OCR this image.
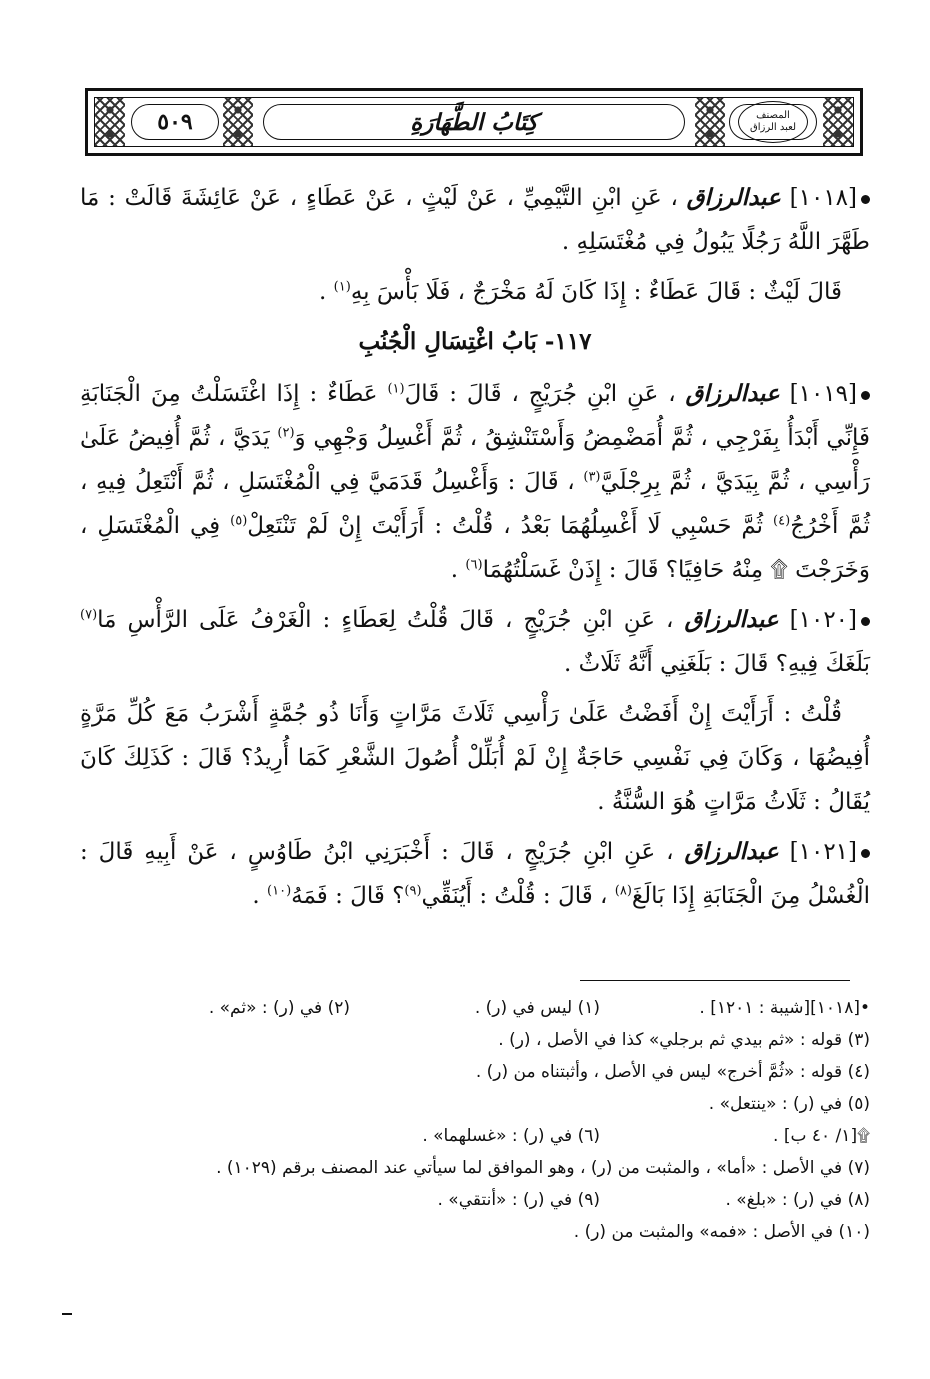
٥٠٩	كِتَابُ الطَّهَارَةِ	المصنف
لعبد الرزاق

[١٠١٨] عبدالرزاق ، عَنِ ابْنِ التَّيْمِيِّ ، عَنْ لَيْثٍ ، عَنْ عَطَاءٍ ، عَنْ عَائِشَةَ قَالَتْ : مَا طَهَّرَ اللَّهُ رَجُلًا يَبُولُ فِي مُغْتَسَلِهِ .

قَالَ لَيْثٌ : قَالَ عَطَاءٌ : إِذَا كَانَ لَهُ مَخْرَجٌ ، فَلَا بَأْسَ بِهِ$^{(١)}$ .

١١٧- بَابُ اغْتِسَالِ الْجُنُبِ

[١٠١٩] عبدالرزاق ، عَنِ ابْنِ جُرَيْجٍ ، قَالَ : قَالَ$^{(١)}$ عَطَاءٌ : إِذَا اغْتَسَلْتُ مِنَ الْجَنَابَةِ فَإِنِّي أَبْدَأُ بِفَرْجِي ، ثُمَّ أُمَضْمِضُ وَأَسْتَنْشِقُ ، ثُمَّ أَغْسِلُ وَجْهِي وَ$^{(٢)}$ يَدَيَّ ، ثُمَّ أُفِيضُ عَلَىٰ رَأْسِي ، ثُمَّ بِيَدَيَّ ، ثُمَّ بِرِجْلَيَّ$^{(٣)}$ ، قَالَ : وَأَغْسِلُ قَدَمَيَّ فِي الْمُغْتَسَلِ ، ثُمَّ أَنْتَعِلُ فِيهِ ، ثُمَّ أَخْرُجُ$^{(٤)}$ ثُمَّ حَسْبِي لَا أَغْسِلُهُمَا بَعْدُ ، قُلْتُ : أَرَأَيْتَ إِنْ لَمْ تَنْتَعِلْ$^{(٥)}$ فِي الْمُغْتَسَلِ ، وَخَرَجْتَ ۩ مِنْهُ حَافِيًا؟ قَالَ : إِذَنْ غَسَلْتُهُمَا$^{(٦)}$ .

[١٠٢٠] عبدالرزاق ، عَنِ ابْنِ جُرَيْجٍ ، قَالَ قُلْتُ لِعَطَاءٍ : الْغَرْفُ عَلَى الرَّأْسِ مَا$^{(٧)}$ بَلَغَكَ فِيهِ؟ قَالَ : بَلَغَنِي أَنَّهُ ثَلَاثٌ .

قُلْتُ : أَرَأَيْتَ إِنْ أَفَضْتُ عَلَىٰ رَأْسِي ثَلَاثَ مَرَّاتٍ وَأَنَا ذُو جُمَّةٍ أَشْرَبُ مَعَ كُلِّ مَرَّةٍ أُفِيضُهَا ، وَكَانَ فِي نَفْسِي حَاجَةٌ إِنْ لَمْ أُبَلِّلْ أُصُولَ الشَّعْرِ كَمَا أُرِيدُ؟ قَالَ : كَذَلِكَ كَانَ يُقَالُ : ثَلَاثُ مَرَّاتٍ هُوَ السُّنَّةُ .

[١٠٢١] عبدالرزاق ، عَنِ ابْنِ جُرَيْجٍ ، قَالَ : أَخْبَرَنِي ابْنُ طَاوُسٍ ، عَنْ أَبِيهِ قَالَ : الْغُسْلُ مِنَ الْجَنَابَةِ إِذَا بَالَغَ$^{(٨)}$ ، قَالَ : قُلْتُ : أَيُنَقِّي$^{(٩)}$؟ قَالَ : فَمَهُ$^{(١٠)}$ .

•[١٠١٨][شيبة : ١٢٠١] .
(١) ليس في (ر) .
(٢) في (ر) : «ثم» .
(٣) قوله : «ثم بيدي ثم برجلي» كذا في الأصل ، (ر) .
(٤) قوله : «ثُمَّ أخرج» ليس في الأصل ، وأثبتناه من (ر) .
(٥) في (ر) : «ينتعل» .
۩[١/ ٤٠ ب] .
(٦) في (ر) : «غسلهما» .
(٧) في الأصل : «أما» ، والمثبت من (ر) ، وهو الموافق لما سيأتي عند المصنف برقم (١٠٢٩) .
(٨) في (ر) : «بلغ» .
(٩) في (ر) : «أنتقي» .
(١٠) في الأصل : «فمه» والمثبت من (ر) .
